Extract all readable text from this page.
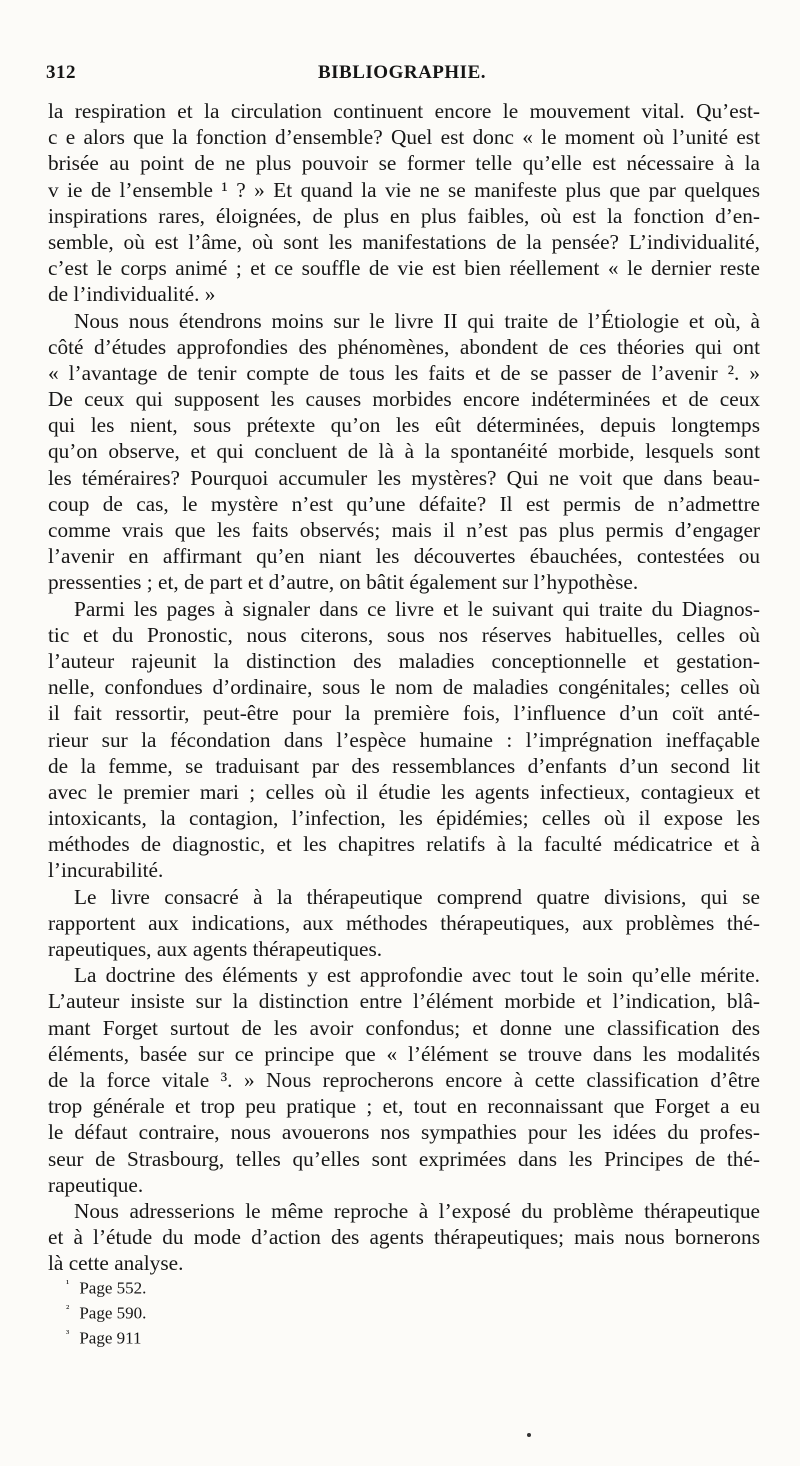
312	BIBLIOGRAPHIE.
la respiration et la circulation continuent encore le mouvement vital. Qu’est-
c e alors que la fonction d’ensemble? Quel est donc « le moment où l’unité est
brisée au point de ne plus pouvoir se former telle qu’elle est nécessaire à la
v ie de l’ensemble ¹ ? » Et quand la vie ne se manifeste plus que par quelques
inspirations rares, éloignées, de plus en plus faibles, où est la fonction d’en-
semble, où est l’âme, où sont les manifestations de la pensée? L’individualité,
c’est le corps animé ; et ce souffle de vie est bien réellement « le dernier reste
de l’individualité. »
Nous nous étendrons moins sur le livre II qui traite de l’Étiologie et où, à
côté d’études approfondies des phénomènes, abondent de ces théories qui ont
« l’avantage de tenir compte de tous les faits et de se passer de l’avenir ². »
De ceux qui supposent les causes morbides encore indéterminées et de ceux
qui les nient, sous prétexte qu’on les eût déterminées, depuis longtemps
qu’on observe, et qui concluent de là à la spontanéité morbide, lesquels sont
les téméraires? Pourquoi accumuler les mystères? Qui ne voit que dans beau-
coup de cas, le mystère n’est qu’une défaite? Il est permis de n’admettre
comme vrais que les faits observés; mais il n’est pas plus permis d’engager
l’avenir en affirmant qu’en niant les découvertes ébauchées, contestées ou
pressenties ; et, de part et d’autre, on bâtit également sur l’hypothèse.
Parmi les pages à signaler dans ce livre et le suivant qui traite du Diagnos-
tic et du Pronostic, nous citerons, sous nos réserves habituelles, celles où
l’auteur rajeunit la distinction des maladies conceptionnelle et gestation-
nelle, confondues d’ordinaire, sous le nom de maladies congénitales; celles où
il fait ressortir, peut-être pour la première fois, l’influence d’un coït anté-
rieur sur la fécondation dans l’espèce humaine : l’imprégnation ineffaçable
de la femme, se traduisant par des ressemblances d’enfants d’un second lit
avec le premier mari ; celles où il étudie les agents infectieux, contagieux et
intoxicants, la contagion, l’infection, les épidémies; celles où il expose les
méthodes de diagnostic, et les chapitres relatifs à la faculté médicatrice et à
l’incurabilité.
Le livre consacré à la thérapeutique comprend quatre divisions, qui se
rapportent aux indications, aux méthodes thérapeutiques, aux problèmes thé-
rapeutiques, aux agents thérapeutiques.
La doctrine des éléments y est approfondie avec tout le soin qu’elle mérite.
L’auteur insiste sur la distinction entre l’élément morbide et l’indication, blâ-
mant Forget surtout de les avoir confondus; et donne une classification des
éléments, basée sur ce principe que « l’élément se trouve dans les modalités
de la force vitale ³. » Nous reprocherons encore à cette classification d’être
trop générale et trop peu pratique ; et, tout en reconnaissant que Forget a eu
le défaut contraire, nous avouerons nos sympathies pour les idées du profes-
seur de Strasbourg, telles qu’elles sont exprimées dans les Principes de thé-
rapeutique.
Nous adresserions le même reproche à l’exposé du problème thérapeutique
et à l’étude du mode d’action des agents thérapeutiques; mais nous bornerons
là cette analyse.
$^{^1}$ Page 552.
$^{^2}$ Page 590.
$^{^3}$ Page 911
